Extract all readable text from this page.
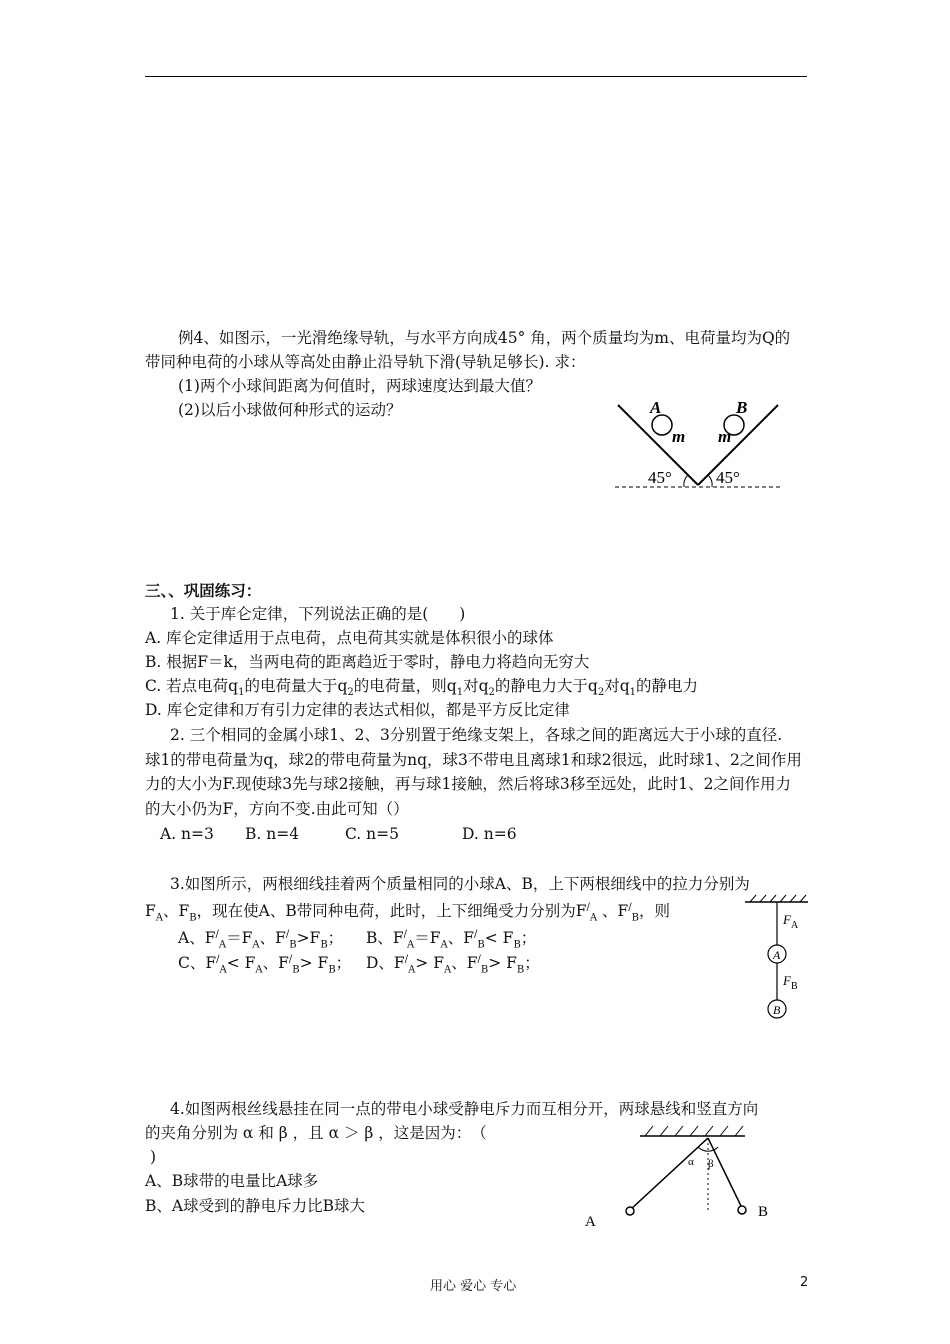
例4、如图示，一光滑绝缘导轨，与水平方向成45° 角，两个质量均为m、电荷量均为Q的
带同种电荷的小球从等高处由静止沿导轨下滑(导轨足够长). 求：
(1)两个小球间距离为何值时，两球速度达到最大值？
(2)以后小球做何种形式的运动？	A	B
m m
45°	45°
三、、巩固练习：
1. 关于库仑定律，下列说法正确的是(　　)
A. 库仑定律适用于点电荷，点电荷其实就是体积很小的球体
B. 根据F＝k，当两电荷的距离趋近于零时，静电力将趋向无穷大
C. 若点电荷$q_1$的电荷量大于$q_2$的电荷量，则$q_1$对$q_2$的静电力大于$q_2$对$q_1$的静电力
D. 库仑定律和万有引力定律的表达式相似，都是平方反比定律
2. 三个相同的金属小球1、2、3分别置于绝缘支架上，各球之间的距离远大于小球的直径.
球1的带电荷量为q，球2的带电荷量为nq，球3不带电且离球1和球2很远，此时球1、2之间作用
力的大小为F.现使球3先与球2接触，再与球1接触，然后将球3移至远处，此时1、2之间作用力
的大小仍为F，方向不变.由此可知（）
A. n=3 B. n=4	C. n=5	D. n=6
3.如图所示，两根细线挂着两个质量相同的小球A、B，上下两根细线中的拉力分别为
$F_A$、$F_B$，现在使A、B带同种电荷，此时，上下细绳受力分别为$F^/_A$ 、$F^/_B$，则
A、$F^/_A=F_A$、$F^/_B>F_B$； B、$F^/_A=F_A$、$F^/_B< F_B$；
C、$F^/_A< F_A$、$F^/_B> F_B$； D、$F^/_A> F_A$、$F^/_B> F_B$；	A
B
$F_A$
$F_B$
4.如图两根丝线悬挂在同一点的带电小球受静电斥力而互相分开，两球悬线和竖直方向
的夹角分别为 α 和 β ，且 α ＞ β ，这是因为：　（
)
A、B球带的电量比A球多
B、A球受到的静电斥力比B球大
α β
A
B
用心 爱心 专心	2
